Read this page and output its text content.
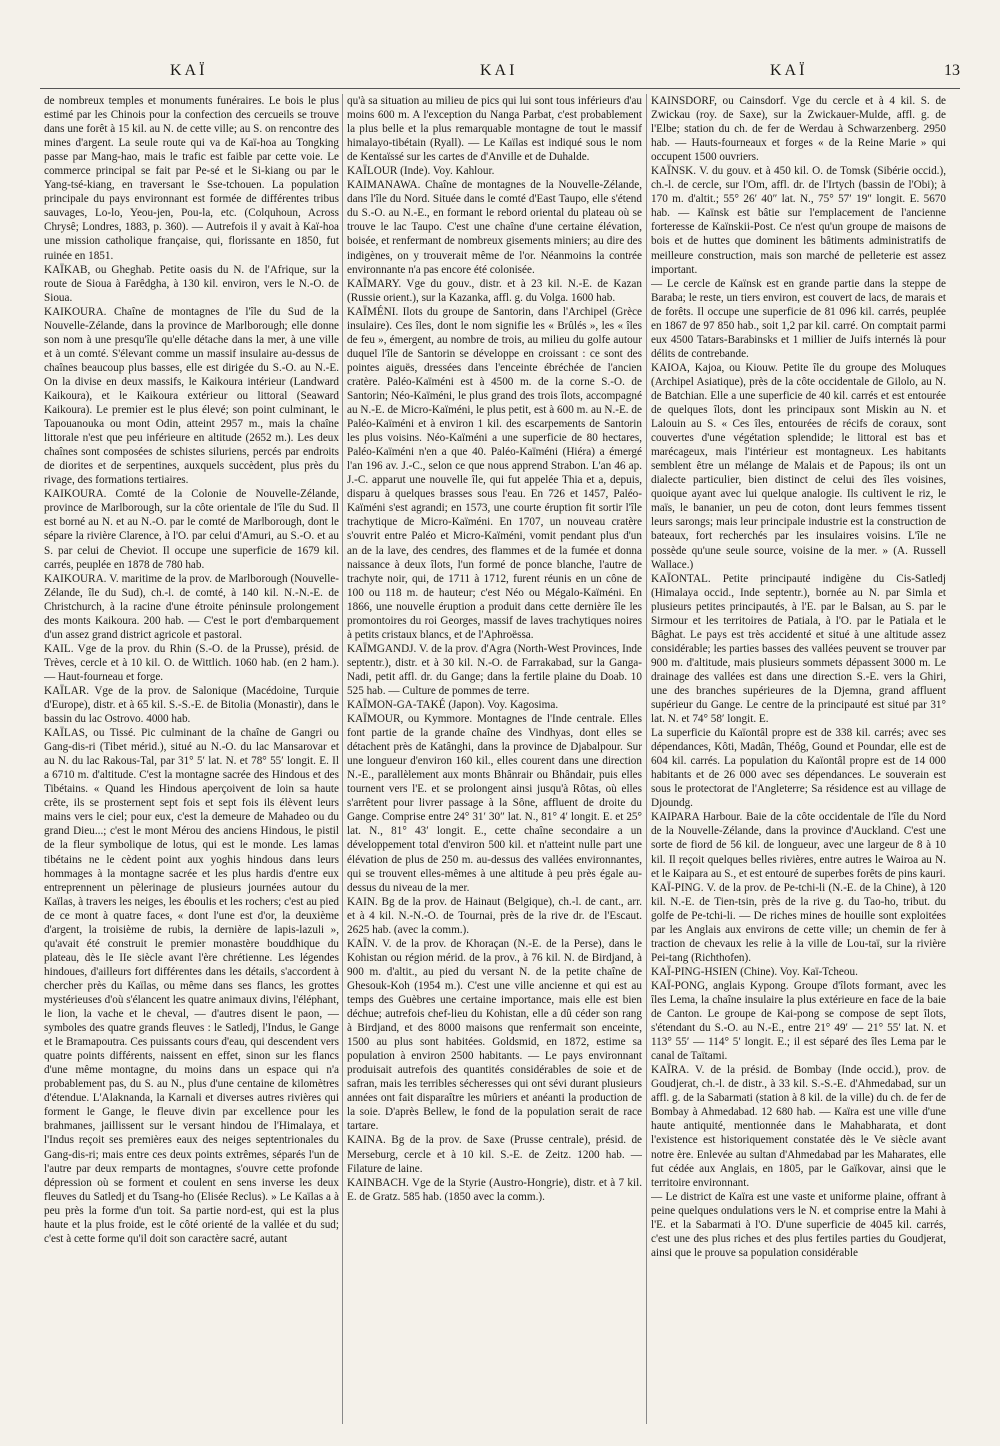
KAÏ	KAI	KAÏ	13

de nombreux temples et monuments funéraires. Le bois le plus estimé par les Chinois pour la confection des cercueils se trouve dans une forêt à 15 kil. au N. de cette ville; au S. on rencontre des mines d'argent. La seule route qui va de Kaï-hoa au Tongking passe par Mang-hao, mais le trafic est faible par cette voie. Le commerce principal se fait par Pe-sé et le Si-kiang ou par le Yang-tsé-kiang, en traversant le Sse-tchouen. La population principale du pays environnant est formée de différentes tribus sauvages, Lo-lo, Yeou-jen, Pou-la, etc. (Colquhoun, Across Chrysê; Londres, 1883, p. 360). — Autrefois il y avait à Kaï-hoa une mission catholique française, qui, florissante en 1850, fut ruinée en 1851.

KAÏKAB, ou Gheghab. Petite oasis du N. de l'Afrique, sur la route de Sioua à Farêdgha, à 130 kil. environ, vers le N.-O. de Sioua.

KAIKOURA. Chaîne de montagnes de l'île du Sud de la Nouvelle-Zélande, dans la province de Marlborough; elle donne son nom à une presqu'île qu'elle détache dans la mer, à une ville et à un comté. S'élevant comme un massif insulaire au-dessus de chaînes beaucoup plus basses, elle est dirigée du S.-O. au N.-E. On la divise en deux massifs, le Kaikoura intérieur (Landward Kaikoura), et le Kaikoura extérieur ou littoral (Seaward Kaikoura). Le premier est le plus élevé; son point culminant, le Tapouanouka ou mont Odin, atteint 2957 m., mais la chaîne littorale n'est que peu inférieure en altitude (2652 m.). Les deux chaînes sont composées de schistes siluriens, percés par endroits de diorites et de serpentines, auxquels succèdent, plus près du rivage, des formations tertiaires.

KAIKOURA. Comté de la Colonie de Nouvelle-Zélande, province de Marlborough, sur la côte orientale de l'île du Sud. Il est borné au N. et au N.-O. par le comté de Marlborough, dont le sépare la rivière Clarence, à l'O. par celui d'Amuri, au S.-O. et au S. par celui de Cheviot. Il occupe une superficie de 1679 kil. carrés, peuplée en 1878 de 780 hab.

KAIKOURA. V. maritime de la prov. de Marlborough (Nouvelle-Zélande, île du Sud), ch.-l. de comté, à 140 kil. N.-N.-E. de Christchurch, à la racine d'une étroite péninsule prolongement des monts Kaikoura. 200 hab. — C'est le port d'embarquement d'un assez grand district agricole et pastoral.

KAIL. Vge de la prov. du Rhin (S.-O. de la Prusse), présid. de Trèves, cercle et à 10 kil. O. de Wittlich. 1060 hab. (en 2 ham.). — Haut-fourneau et forge.

KAÏLAR. Vge de la prov. de Salonique (Macédoine, Turquie d'Europe), distr. et à 65 kil. S.-S.-E. de Bitolia (Monastir), dans le bassin du lac Ostrovo. 4000 hab.

KAÏLAS, ou Tissé. Pic culminant de la chaîne de Gangri ou Gang-dis-ri (Tibet mérid.), situé au N.-O. du lac Mansarovar et au N. du lac Rakous-Tal, par 31° 5′ lat. N. et 78° 55′ longit. E. Il a 6710 m. d'altitude. C'est la montagne sacrée des Hindous et des Tibétains. « Quand les Hindous aperçoivent de loin sa haute crête, ils se prosternent sept fois et sept fois ils élèvent leurs mains vers le ciel; pour eux, c'est la demeure de Mahadeo ou du grand Dieu...; c'est le mont Mérou des anciens Hindous, le pistil de la fleur symbolique de lotus, qui est le monde. Les lamas tibétains ne le cèdent point aux yoghis hindous dans leurs hommages à la montagne sacrée et les plus hardis d'entre eux entreprennent un pèlerinage de plusieurs journées autour du Kaïlas, à travers les neiges, les éboulis et les rochers; c'est au pied de ce mont à quatre faces, « dont l'une est d'or, la deuxième d'argent, la troisième de rubis, la dernière de lapis-lazuli », qu'avait été construit le premier monastère bouddhique du plateau, dès le IIe siècle avant l'ère chrétienne. Les légendes hindoues, d'ailleurs fort différentes dans les détails, s'accordent à chercher près du Kaïlas, ou même dans ses flancs, les grottes mystérieuses d'où s'élancent les quatre animaux divins, l'éléphant, le lion, la vache et le cheval, — d'autres disent le paon, — symboles des quatre grands fleuves : le Satledj, l'Indus, le Gange et le Bramapoutra. Ces puissants cours d'eau, qui descendent vers quatre points différents, naissent en effet, sinon sur les flancs d'une même montagne, du moins dans un espace qui n'a probablement pas, du S. au N., plus d'une centaine de kilomètres d'étendue. L'Alaknanda, la Karnali et diverses autres rivières qui forment le Gange, le fleuve divin par excellence pour les brahmanes, jaillissent sur le versant hindou de l'Himalaya, et l'Indus reçoit ses premières eaux des neiges septentrionales du Gang-dis-ri; mais entre ces deux points extrêmes, séparés l'un de l'autre par deux remparts de montagnes, s'ouvre cette profonde dépression où se forment et coulent en sens inverse les deux fleuves du Satledj et du Tsang-ho (Elisée Reclus). » Le Kaïlas a à peu près la forme d'un toit. Sa partie nord-est, qui est la plus haute et la plus froide, est le côté orienté de la vallée et du sud; c'est à cette forme qu'il doit son caractère sacré, autant

qu'à sa situation au milieu de pics qui lui sont tous inférieurs d'au moins 600 m. A l'exception du Nanga Parbat, c'est probablement la plus belle et la plus remarquable montagne de tout le massif himalayo-tibétain (Ryall). — Le Kaïlas est indiqué sous le nom de Kentaïssé sur les cartes de d'Anville et de Duhalde.

KAÏLOUR (Inde). Voy. Kahlour.

KAIMANAWA. Chaîne de montagnes de la Nouvelle-Zélande, dans l'île du Nord. Située dans le comté d'East Taupo, elle s'étend du S.-O. au N.-E., en formant le rebord oriental du plateau où se trouve le lac Taupo. C'est une chaîne d'une certaine élévation, boisée, et renfermant de nombreux gisements miniers; au dire des indigènes, on y trouverait même de l'or. Néanmoins la contrée environnante n'a pas encore été colonisée.

KAÏMARY. Vge du gouv., distr. et à 23 kil. N.-E. de Kazan (Russie orient.), sur la Kazanka, affl. g. du Volga. 1600 hab.

KAÏMÉNI. Ilots du groupe de Santorin, dans l'Archipel (Grèce insulaire). Ces îles, dont le nom signifie les « Brûlés », les « îles de feu », émergent, au nombre de trois, au milieu du golfe autour duquel l'île de Santorin se développe en croissant : ce sont des pointes aiguës, dressées dans l'enceinte ébréchée de l'ancien cratère. Paléo-Kaïméni est à 4500 m. de la corne S.-O. de Santorin; Néo-Kaïméni, le plus grand des trois îlots, accompagné au N.-E. de Micro-Kaïméni, le plus petit, est à 600 m. au N.-E. de Paléo-Kaïméni et à environ 1 kil. des escarpements de Santorin les plus voisins. Néo-Kaïméni a une superficie de 80 hectares, Paléo-Kaïméni n'en a que 40. Paléo-Kaïméni (Hiéra) a émergé l'an 196 av. J.-C., selon ce que nous apprend Strabon. L'an 46 ap. J.-C. apparut une nouvelle île, qui fut appelée Thia et a, depuis, disparu à quelques brasses sous l'eau. En 726 et 1457, Paléo-Kaïméni s'est agrandi; en 1573, une courte éruption fit sortir l'île trachytique de Micro-Kaïméni. En 1707, un nouveau cratère s'ouvrit entre Paléo et Micro-Kaïméni, vomit pendant plus d'un an de la lave, des cendres, des flammes et de la fumée et donna naissance à deux îlots, l'un formé de ponce blanche, l'autre de trachyte noir, qui, de 1711 à 1712, furent réunis en un cône de 100 ou 118 m. de hauteur; c'est Néo ou Mégalo-Kaïméni. En 1866, une nouvelle éruption a produit dans cette dernière île les promontoires du roi Georges, massif de laves trachytiques noires à petits cristaux blancs, et de l'Aphroëssa.

KAÏMGANDJ. V. de la prov. d'Agra (North-West Provinces, Inde septentr.), distr. et à 30 kil. N.-O. de Farrakabad, sur la Ganga-Nadi, petit affl. dr. du Gange; dans la fertile plaine du Doab. 10 525 hab. — Culture de pommes de terre.

KAÏMON-GA-TAKÉ (Japon). Voy. Kagosima.

KAÏMOUR, ou Kymmore. Montagnes de l'Inde centrale. Elles font partie de la grande chaîne des Vindhyas, dont elles se détachent près de Katânghi, dans la province de Djabalpour. Sur une longueur d'environ 160 kil., elles courent dans une direction N.-E., parallèlement aux monts Bhânrair ou Bhândair, puis elles tournent vers l'E. et se prolongent ainsi jusqu'à Rôtas, où elles s'arrêtent pour livrer passage à la Sône, affluent de droite du Gange. Comprise entre 24° 31′ 30″ lat. N., 81° 4′ longit. E. et 25° lat. N., 81° 43′ longit. E., cette chaîne secondaire a un développement total d'environ 500 kil. et n'atteint nulle part une élévation de plus de 250 m. au-dessus des vallées environnantes, qui se trouvent elles-mêmes à une altitude à peu près égale au-dessus du niveau de la mer.

KAIN. Bg de la prov. de Hainaut (Belgique), ch.-l. de cant., arr. et à 4 kil. N.-N.-O. de Tournai, près de la rive dr. de l'Escaut. 2625 hab. (avec la comm.).

KAÏN. V. de la prov. de Khoraçan (N.-E. de la Perse), dans le Kohistan ou région mérid. de la prov., à 76 kil. N. de Birdjand, à 900 m. d'altit., au pied du versant N. de la petite chaîne de Ghesouk-Koh (1954 m.). C'est une ville ancienne et qui est au temps des Guèbres une certaine importance, mais elle est bien déchue; autrefois chef-lieu du Kohistan, elle a dû céder son rang à Birdjand, et des 8000 maisons que renfermait son enceinte, 1500 au plus sont habitées. Goldsmid, en 1872, estime sa population à environ 2500 habitants. — Le pays environnant produisait autrefois des quantités considérables de soie et de safran, mais les terribles sécheresses qui ont sévi durant plusieurs années ont fait disparaître les mûriers et anéanti la production de la soie. D'après Bellew, le fond de la population serait de race tartare.

KAINA. Bg de la prov. de Saxe (Prusse centrale), présid. de Merseburg, cercle et à 10 kil. S.-E. de Zeitz. 1200 hab. — Filature de laine.

KAINBACH. Vge de la Styrie (Austro-Hongrie), distr. et à 7 kil. E. de Gratz. 585 hab. (1850 avec la comm.).

KAINSDORF, ou Cainsdorf. Vge du cercle et à 4 kil. S. de Zwickau (roy. de Saxe), sur la Zwickauer-Mulde, affl. g. de l'Elbe; station du ch. de fer de Werdau à Schwarzenberg. 2950 hab. — Hauts-fourneaux et forges « de la Reine Marie » qui occupent 1500 ouvriers.

KAÏNSK. V. du gouv. et à 450 kil. O. de Tomsk (Sibérie occid.), ch.-l. de cercle, sur l'Om, affl. dr. de l'Irtych (bassin de l'Obi); à 170 m. d'altit.; 55° 26′ 40″ lat. N., 75° 57′ 19″ longit. E. 5670 hab. — Kaïnsk est bâtie sur l'emplacement de l'ancienne forteresse de Kaïnskii-Post. Ce n'est qu'un groupe de maisons de bois et de huttes que dominent les bâtiments administratifs de meilleure construction, mais son marché de pelleterie est assez important.

— Le cercle de Kaïnsk est en grande partie dans la steppe de Baraba; le reste, un tiers environ, est couvert de lacs, de marais et de forêts. Il occupe une superficie de 81 096 kil. carrés, peuplée en 1867 de 97 850 hab., soit 1,2 par kil. carré. On comptait parmi eux 4500 Tatars-Barabinsks et 1 millier de Juifs internés là pour délits de contrebande.

KAIOA, Kajoa, ou Kiouw. Petite île du groupe des Moluques (Archipel Asiatique), près de la côte occidentale de Gilolo, au N. de Batchian. Elle a une superficie de 40 kil. carrés et est entourée de quelques îlots, dont les principaux sont Miskin au N. et Lalouin au S. « Ces îles, entourées de récifs de coraux, sont couvertes d'une végétation splendide; le littoral est bas et marécageux, mais l'intérieur est montagneux. Les habitants semblent être un mélange de Malais et de Papous; ils ont un dialecte particulier, bien distinct de celui des îles voisines, quoique ayant avec lui quelque analogie. Ils cultivent le riz, le maïs, le bananier, un peu de coton, dont leurs femmes tissent leurs sarongs; mais leur principale industrie est la construction de bateaux, fort recherchés par les insulaires voisins. L'île ne possède qu'une seule source, voisine de la mer. » (A. Russell Wallace.)

KAÏONTAL. Petite principauté indigène du Cis-Satledj (Himalaya occid., Inde septentr.), bornée au N. par Simla et plusieurs petites principautés, à l'E. par le Balsan, au S. par le Sirmour et les territoires de Patiala, à l'O. par le Patiala et le Bâghat. Le pays est très accidenté et situé à une altitude assez considérable; les parties basses des vallées peuvent se trouver par 900 m. d'altitude, mais plusieurs sommets dépassent 3000 m. Le drainage des vallées est dans une direction S.-E. vers la Ghiri, une des branches supérieures de la Djemna, grand affluent supérieur du Gange. Le centre de la principauté est situé par 31° lat. N. et 74° 58′ longit. E.

La superficie du Kaïontâl propre est de 338 kil. carrés; avec ses dépendances, Kôti, Madân, Théôg, Gound et Poundar, elle est de 604 kil. carrés. La population du Kaïontâl propre est de 14 000 habitants et de 26 000 avec ses dépendances. Le souverain est sous le protectorat de l'Angleterre; Sa résidence est au village de Djoundg.

KAIPARA Harbour. Baie de la côte occidentale de l'île du Nord de la Nouvelle-Zélande, dans la province d'Auckland. C'est une sorte de fiord de 56 kil. de longueur, avec une largeur de 8 à 10 kil. Il reçoit quelques belles rivières, entre autres le Wairoa au N. et le Kaipara au S., et est entouré de superbes forêts de pins kauri.

KAÏ-PING. V. de la prov. de Pe-tchi-li (N.-E. de la Chine), à 120 kil. N.-E. de Tien-tsin, près de la rive g. du Tao-ho, tribut. du golfe de Pe-tchi-li. — De riches mines de houille sont exploitées par les Anglais aux environs de cette ville; un chemin de fer à traction de chevaux les relie à la ville de Lou-taï, sur la rivière Pei-tang (Richthofen).

KAÏ-PING-HSIEN (Chine). Voy. Kaï-Tcheou.

KAÏ-PONG, anglais Kypong. Groupe d'îlots formant, avec les îles Lema, la chaîne insulaire la plus extérieure en face de la baie de Canton. Le groupe de Kai-pong se compose de sept îlots, s'étendant du S.-O. au N.-E., entre 21° 49′ — 21° 55′ lat. N. et 113° 55′ — 114° 5′ longit. E.; il est séparé des îles Lema par le canal de Taïtami.

KAÏRA. V. de la présid. de Bombay (Inde occid.), prov. de Goudjerat, ch.-l. de distr., à 33 kil. S.-S.-E. d'Ahmedabad, sur un affl. g. de la Sabarmati (station à 8 kil. de la ville) du ch. de fer de Bombay à Ahmedabad. 12 680 hab. — Kaïra est une ville d'une haute antiquité, mentionnée dans le Mahabharata, et dont l'existence est historiquement constatée dès le Ve siècle avant notre ère. Enlevée au sultan d'Ahmedabad par les Maharates, elle fut cédée aux Anglais, en 1805, par le Gaïkovar, ainsi que le territoire environnant.

— Le district de Kaïra est une vaste et uniforme plaine, offrant à peine quelques ondulations vers le N. et comprise entre la Mahi à l'E. et la Sabarmati à l'O. D'une superficie de 4045 kil. carrés, c'est une des plus riches et des plus fertiles parties du Goudjerat, ainsi que le prouve sa population considérable
